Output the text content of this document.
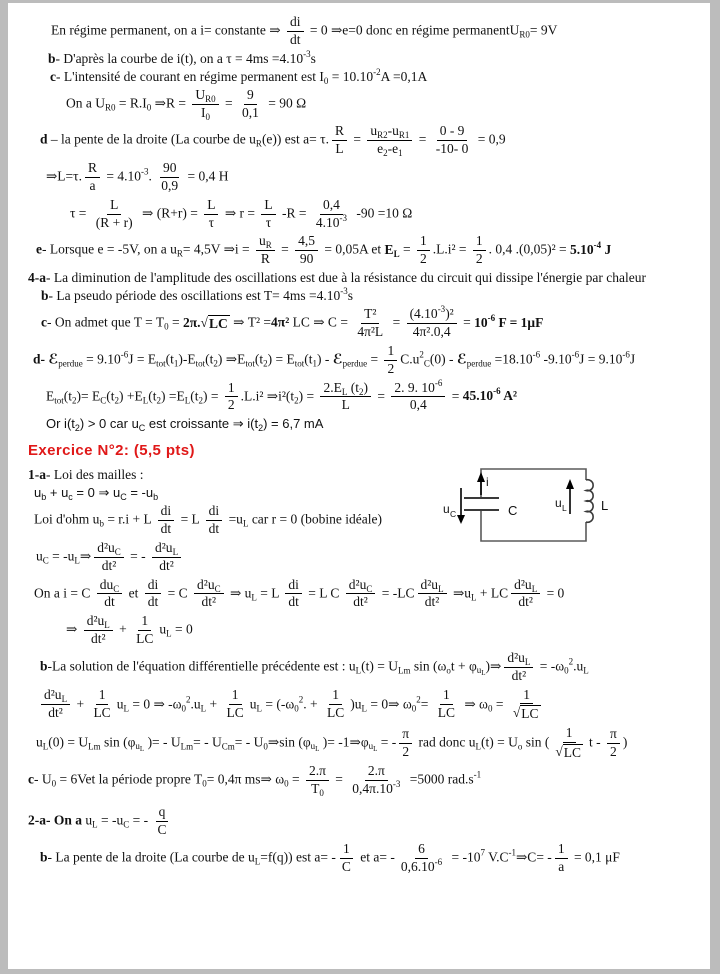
En régime permanent, on a i= constante ⇒ $\frac{di}{dt} = 0$ ⇒e=0 donc en régime permanentU$_{R0}$= 9V
b- D'après la courbe de i(t), on a $\tau = 4ms =4.10^{-3}s$
c- L'intensité de courant en régime permanent est $I_0 = 10.10^{-2}A =0,1A$
On a $U_{R0} = R.I_0$ ⇒R = $\frac{U_{R0}}{I_0} = \frac{9}{0,1} = 90$ Ω
d – la pente de la droite (La courbe de $u_R(e)$) est a= τ. $\frac{R}{L} = \frac{u_{R2}-u_{R1}}{e_2-e_1} = \frac{0 - 9}{-10- 0} = 0,9$
⇒L=τ. $\frac{R}{a} = 4.10^{-3}$. $\frac{90}{0,9} = 0,4$ H
$\tau = \frac{L}{(R + r)}$ ⇒ $(R+r) = \frac{L}{\tau}$ ⇒ $r = \frac{L}{\tau} -R = \frac{0,4}{4.10^{-3}} -90 =10$ Ω
e- Lorsque e = -5V, on a $u_R= 4,5V$ ⇒i = $\frac{u_R}{R} = \frac{4,5}{90} = 0,05A$ et $E_L = \frac{1}{2} .L.i^2 = \frac{1}{2}$ . 0,4 $.(0,05)^2 = 5.10^{-4}$ J
4-a- La diminution de l'amplitude des oscillations est due à la résistance du circuit qui dissipe l'énergie par chaleur
b- La pseudo période des oscillations est $T= 4ms =4.10^{-3}s$
c- On admet que $T = T_0 = 2\pi$. √ LC ⇒ T² =4π² LC ⇒ $C = \frac{\text{T²}}{\text{4π²L}} = \frac{(4.10^{-3})^2}{\text{4π².0,4}} = 10^{-6}$ F = 1μF
d- ℰ$_{perdue}$ = $9.10^{-6}J = E_{tot}(t_1)-E_{tot}(t_2)$ $\Rightarrow E_{tot}(t_2) = E_{tot}(t_1)$ - ℰ$_{perdue}$ = $\frac{1}{2} C.u^2_C(0)$ - ℰ$_{perdue}$ $=18.10^{-6}$ $-9.10^{-6}J = 9.10^{-6}J$
$E_{tot}(t_2)= E_C(t_2) +E_L(t_2) =E_L(t_2) = \frac{1}{2} .L.i^2$ $\Rightarrow i^2(t_2) = \frac{2.E_L (t_2)}{L} = \frac{2. 9. 10^{-6}}{0,4} = 45.10^{-6}$ A²
Or $i(t_2) > 0$ car $u_C$ est croissante ⇒ $i(t_2) = 6,7$ mA
Exercice N°2: (5,5 pts)
1-a- Loi des mailles :
$u_b + u_c = 0$ ⇒ $u_C = -u_b$
Loi d'ohm $u_b = r.i + L \frac{di}{dt} = L \frac{di}{dt} =u_L$ car r = 0 (bobine idéale)
$u_C$ = $-u_L\Rightarrow \frac{d^2u_C}{\text{dt²}}$ = - $\frac{d^2u_L}{\text{dt²}}$
On a i = C $\frac{du_C}{dt}$ et $\frac{di}{dt} = C \frac{d^2u_C}{\text{dt²}}$ ⇒ $u_L = L \frac{di}{dt} = L$ C $\frac{d^2u_C}{\text{dt²}} = -LC \frac{d^2u_L}{\text{dt²}}$ $\Rightarrow u_L$ + LC $\frac{d^2u_L}{\text{dt²}} = 0$
⇒ $\frac{d^2u_L}{\text{dt²}} + \frac{1}{LC} u_L = 0$
b-La solution de l'équation différentielle précédente est : $u_L(t) = U_{Lm}$ $\sin (\omega_ot$ + $\varphi_{u_L})\Rightarrow \frac{d^2u_L}{\text{dt²}} = -\omega_0^2.u_L$
$\frac{d^2u_L}{\text{dt²}} + \frac{1}{LC} u_L = 0$ ⇒ $-\omega_0^2.u_L + \frac{1}{LC} u_L = (-\omega_0^2$. + $\frac{1}{LC} )u_L$ = 0⇒ $\omega_0^2= \frac{1}{LC}$ ⇒ $\omega_0 = \frac{1}{√ LC}$
$u_L(0) = U_{Lm}$ $\sin (\varphi_{u_L}$ )= - $U_{Lm}= - U_{Cm}=$ - $U_0\Rightarrow\sin$ ($\varphi_{u_L}$ )= $-1\Rightarrow\varphi_{u_L}$ = - $\frac{\pi}{2}$ rad donc $u_L(t) = U_o$ sin ( $\frac{1}{√ LC}$ t - $\frac{\pi}{2}$ )
c- $U_0 = 6Vet$ la période propre $T_0= 0,4\pi$ ms⇒ $\omega_0 = \frac{2.\pi}{T_0} = \frac{2.\pi}{0,4\pi.10^{-3}} =5000$ $rad.s^{-1}$
2-a- On a $u_L = -u_C$ = - $\frac{q}{C}$
b- La pente de la droite (La courbe de $u_L=f(q)$) est $a= - \frac{1}{C}$ et $a= - \frac{6}{0,6.10^{-6}} = -10^7$ $V.C^{-1}\Rightarrow C= - \frac{1}{a} = 0,1$ μF
i
u C	C	u L	L
